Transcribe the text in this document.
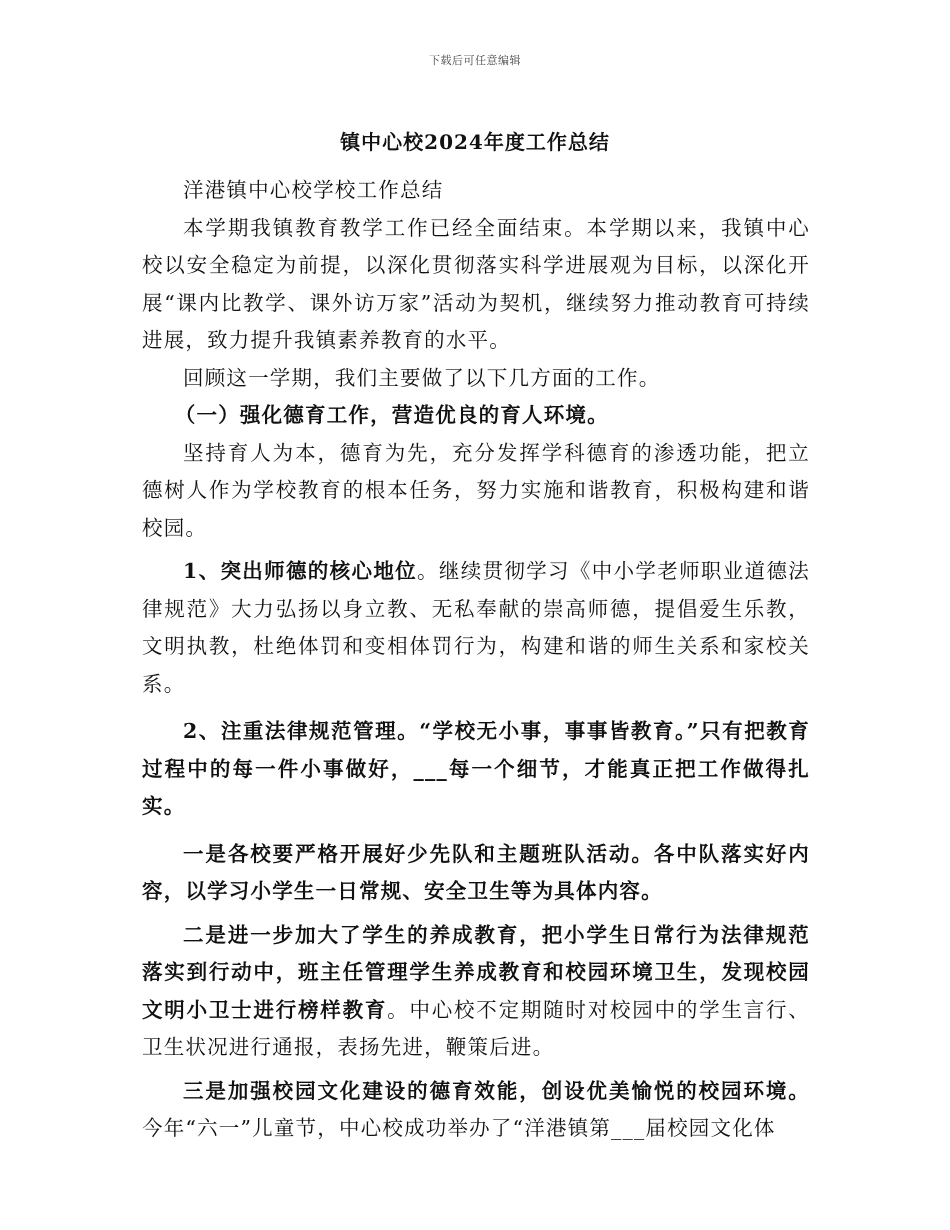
下载后可任意编辑
镇中心校2024年度工作总结

洋港镇中心校学校工作总结

本学期我镇教育教学工作已经全面结束。本学期以来，我镇中心校以安全稳定为前提，以深化贯彻落实科学进展观为目标，以深化开展“课内比教学、课外访万家”活动为契机，继续努力推动教育可持续进展，致力提升我镇素养教育的水平。

回顾这一学期，我们主要做了以下几方面的工作。

（一）强化德育工作，营造优良的育人环境。

坚持育人为本，德育为先，充分发挥学科德育的渗透功能，把立德树人作为学校教育的根本任务，努力实施和谐教育，积极构建和谐校园。

1、突出师德的核心地位。继续贯彻学习《中小学老师职业道德法律规范》大力弘扬以身立教、无私奉献的崇高师德，提倡爱生乐教，文明执教，杜绝体罚和变相体罚行为，构建和谐的师生关系和家校关系。

2、注重法律规范管理。“学校无小事，事事皆教育。”只有把教育过程中的每一件小事做好，___每一个细节，才能真正把工作做得扎实。

一是各校要严格开展好少先队和主题班队活动。各中队落实好内容，以学习小学生一日常规、安全卫生等为具体内容。

二是进一步加大了学生的养成教育，把小学生日常行为法律规范落实到行动中，班主任管理学生养成教育和校园环境卫生，发现校园文明小卫士进行榜样教育。中心校不定期随时对校园中的学生言行、卫生状况进行通报，表扬先进，鞭策后进。

三是加强校园文化建设的德育效能，创设优美愉悦的校园环境。今年“六一”儿童节，中心校成功举办了“洋港镇第___届校园文化体
